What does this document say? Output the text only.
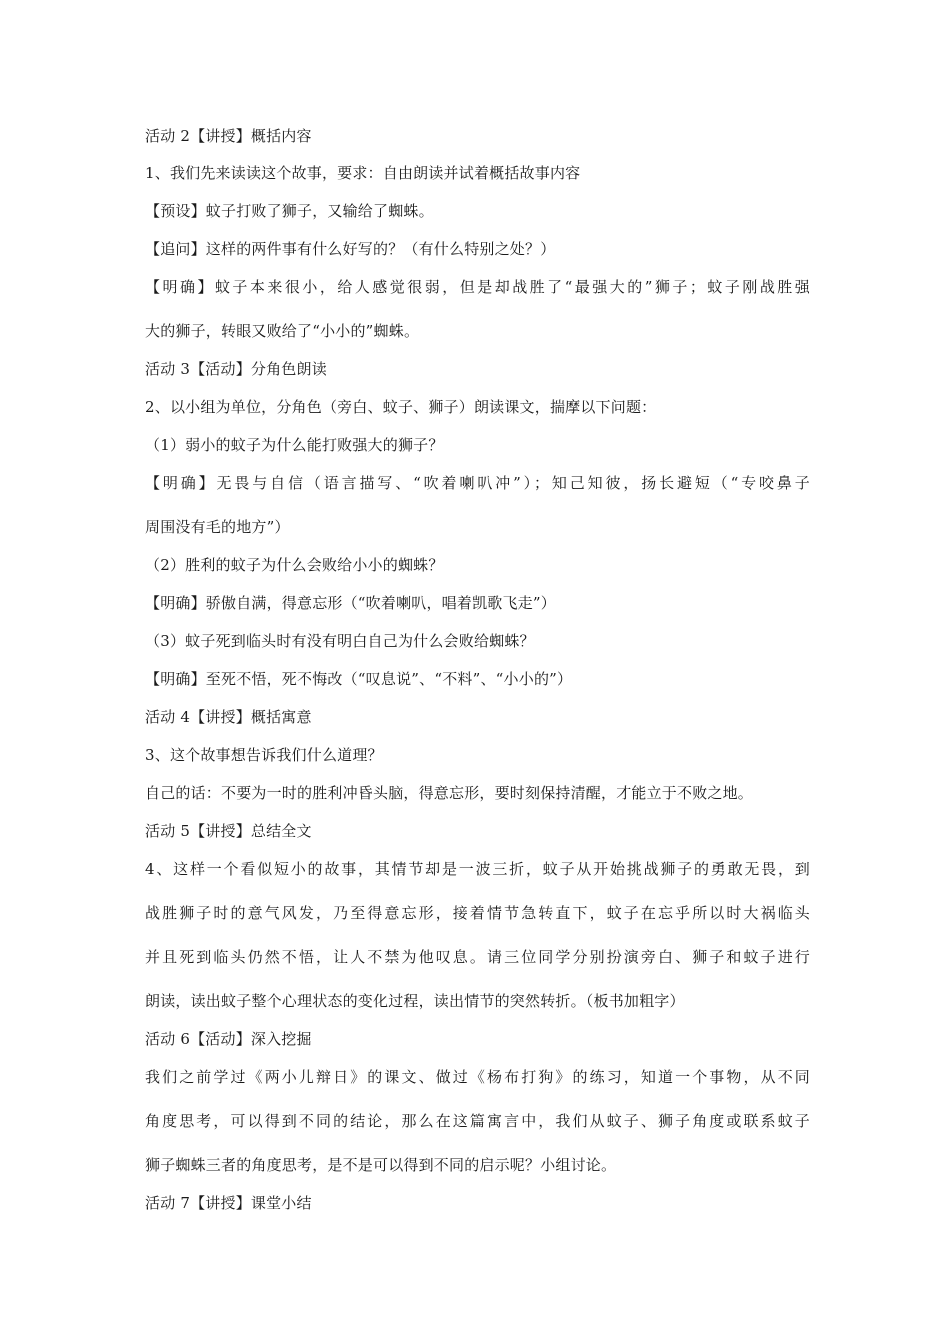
活动 2【讲授】概括内容

1、我们先来读读这个故事，要求：自由朗读并试着概括故事内容

【预设】蚊子打败了狮子，又输给了蜘蛛。

【追问】这样的两件事有什么好写的？（有什么特别之处？）

【明确】蚊子本来很小，给人感觉很弱，但是却战胜了“最强大的”狮子；蚊子刚战胜强

大的狮子，转眼又败给了“小小的”蜘蛛。

活动 3【活动】分角色朗读

2、以小组为单位，分角色（旁白、蚊子、狮子）朗读课文，揣摩以下问题：

（1）弱小的蚊子为什么能打败强大的狮子？

【明确】无畏与自信（语言描写、“吹着喇叭冲”）；知己知彼，扬长避短（“专咬鼻子

周围没有毛的地方”）

（2）胜利的蚊子为什么会败给小小的蜘蛛？

【明确】骄傲自满，得意忘形（“吹着喇叭，唱着凯歌飞走”）

（3）蚊子死到临头时有没有明白自己为什么会败给蜘蛛？

【明确】至死不悟，死不悔改（“叹息说”、“不料”、“小小的”）

活动 4【讲授】概括寓意

3、这个故事想告诉我们什么道理？

自己的话：不要为一时的胜利冲昏头脑，得意忘形，要时刻保持清醒，才能立于不败之地。

活动 5【讲授】总结全文

4、这样一个看似短小的故事，其情节却是一波三折，蚊子从开始挑战狮子的勇敢无畏，到

战胜狮子时的意气风发，乃至得意忘形，接着情节急转直下，蚊子在忘乎所以时大祸临头

并且死到临头仍然不悟，让人不禁为他叹息。请三位同学分别扮演旁白、狮子和蚊子进行

朗读，读出蚊子整个心理状态的变化过程，读出情节的突然转折。（板书加粗字）

活动 6【活动】深入挖掘

我们之前学过《两小儿辩日》的课文、做过《杨布打狗》的练习，知道一个事物，从不同

角度思考，可以得到不同的结论，那么在这篇寓言中，我们从蚊子、狮子角度或联系蚊子

狮子蜘蛛三者的角度思考，是不是可以得到不同的启示呢？小组讨论。

活动 7【讲授】课堂小结
